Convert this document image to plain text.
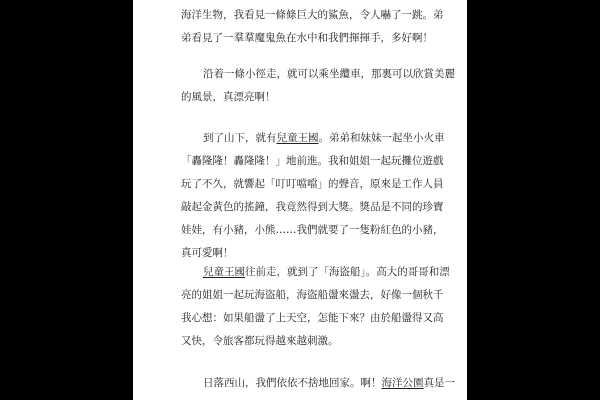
海洋生物，我看見一條條巨大的鯊魚，令人嚇了一跳。弟
弟看見了一羣羣魔鬼魚在水中和我們揮揮手，多好啊！

沿着一條小徑走，就可以乘坐纜車，那裏可以欣賞美麗
的風景，真漂亮啊！

到了山下，就有兒童王國。弟弟和妹妹一起坐小火車
「轟隆隆！轟隆隆！」地前進。我和姐姐一起玩攤位遊戲
玩了不久，就響起「叮叮噹噹」的聲音，原來是工作人員
敲起金黃色的搖鐘，我竟然得到大獎。獎品是不同的珍寶
娃娃，有小豬，小熊……我們就要了一隻粉紅色的小豬，
真可愛啊！

兒童王國往前走，就到了「海盜船」。高大的哥哥和漂
亮的姐姐一起玩海盜船，海盜船盪來盪去，好像一個秋千
我心想：如果船盪了上天空，怎能下來？由於船盪得又高
又快，令旅客都玩得越來越刺激。

日落西山，我們依依不捨地回家。啊！海洋公園真是一
